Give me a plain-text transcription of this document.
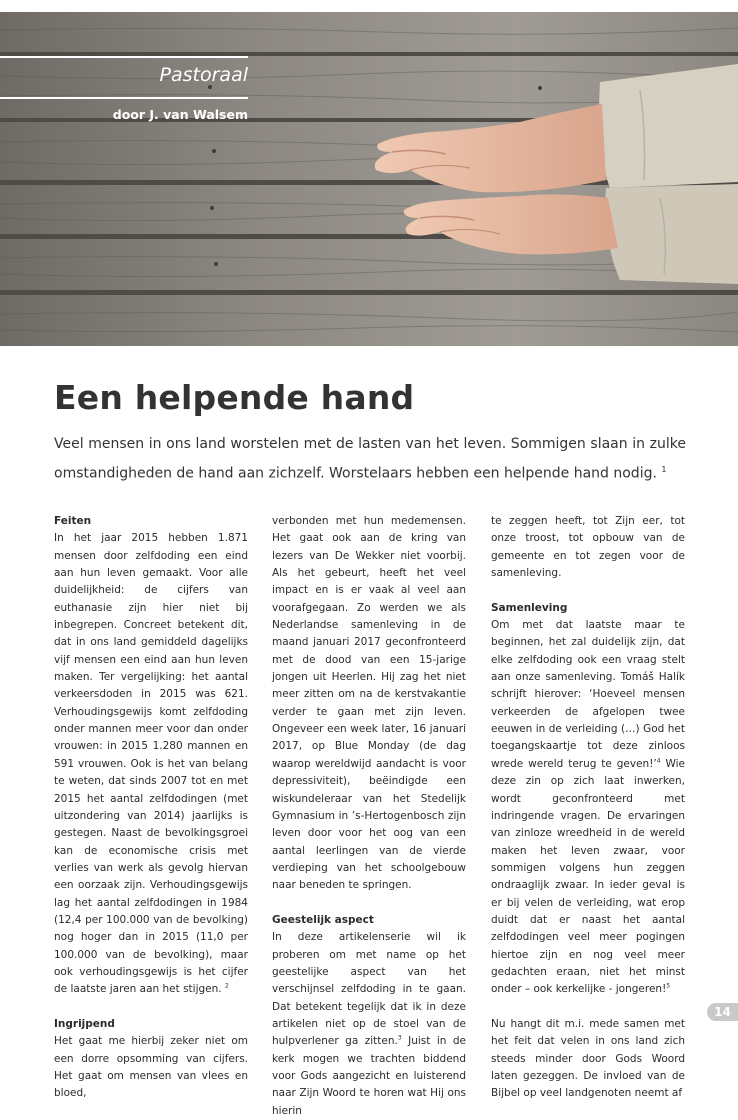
Pastoraal
door J. van Walsem
Een helpende hand

Veel mensen in ons land worstelen met de lasten van het leven. Sommigen slaan in zulke omstandigheden de hand aan zichzelf. Worstelaars hebben een helpende hand nodig. $^1$

Feiten

In het jaar 2015 hebben 1.871 mensen door zelfdoding een eind aan hun leven gemaakt. Voor alle duidelijkheid: de cijfers van euthanasie zijn hier niet bij inbegrepen. Concreet betekent dit, dat in ons land gemiddeld dagelijks vijf mensen een eind aan hun leven maken. Ter vergelijking: het aantal verkeersdoden in 2015 was 621. Verhoudingsgewijs komt zelfdoding onder mannen meer voor dan onder vrouwen: in 2015 1.280 mannen en 591 vrouwen. Ook is het van belang te weten, dat sinds 2007 tot en met 2015 het aantal zelfdodingen (met uitzondering van 2014) jaarlijks is gestegen. Naast de bevolkingsgroei kan de economische crisis met verlies van werk als gevolg hiervan een oorzaak zijn. Verhoudingsgewijs lag het aantal zelfdodingen in 1984 (12,4 per 100.000 van de bevolking) nog hoger dan in 2015 (11,0 per 100.000 van de bevolking), maar ook verhoudingsgewijs is het cijfer de laatste jaren aan het stijgen. $^2$

Ingrijpend

Het gaat me hierbij zeker niet om een dorre opsomming van cijfers. Het gaat om mensen van vlees en bloed,

verbonden met hun medemensen. Het gaat ook aan de kring van lezers van De Wekker niet voorbij. Als het gebeurt, heeft het veel impact en is er vaak al veel aan voorafgegaan. Zo werden we als Nederlandse samenleving in de maand januari 2017 geconfronteerd met de dood van een 15-jarige jongen uit Heerlen. Hij zag het niet meer zitten om na de kerstvakantie verder te gaan met zijn leven. Ongeveer een week later, 16 januari 2017, op Blue Monday (de dag waarop wereldwijd aandacht is voor depressiviteit), beëindigde een wiskundeleraar van het Stedelijk Gymnasium in ’s-Hertogenbosch zijn leven door voor het oog van een aantal leerlingen van de vierde verdieping van het schoolgebouw naar beneden te springen.

Geestelijk aspect

In deze artikelenserie wil ik proberen om met name op het geestelijke aspect van het verschijnsel zelfdoding in te gaan. Dat betekent tegelijk dat ik in deze artikelen niet op de stoel van de hulpverlener ga zitten.$^3$ Juist in de kerk mogen we trachten biddend voor Gods aangezicht en luisterend naar Zijn Woord te horen wat Hij ons hierin

te zeggen heeft, tot Zijn eer, tot onze troost, tot opbouw van de gemeente en tot zegen voor de samenleving.

Samenleving

Om met dat laatste maar te beginnen, het zal duidelijk zijn, dat elke zelfdoding ook een vraag stelt aan onze samenleving. Tomáš Halík schrijft hierover: ‘Hoeveel mensen verkeerden de afgelopen twee eeuwen in de verleiding (…) God het toegangskaartje tot deze zinloos wrede wereld terug te geven!’$^4$ Wie deze zin op zich laat inwerken, wordt geconfronteerd met indringende vragen. De ervaringen van zinloze wreedheid in de wereld maken het leven zwaar, voor sommigen volgens hun zeggen ondraaglijk zwaar. In ieder geval is er bij velen de verleiding, wat erop duidt dat er naast het aantal zelfdodingen veel meer pogingen hiertoe zijn en nog veel meer gedachten eraan, niet het minst onder – ook kerkelijke - jongeren!$^5$

Nu hangt dit m.i. mede samen met het feit dat velen in ons land zich steeds minder door Gods Woord laten gezeggen. De invloed van de Bijbel op veel landgenoten neemt af

14
